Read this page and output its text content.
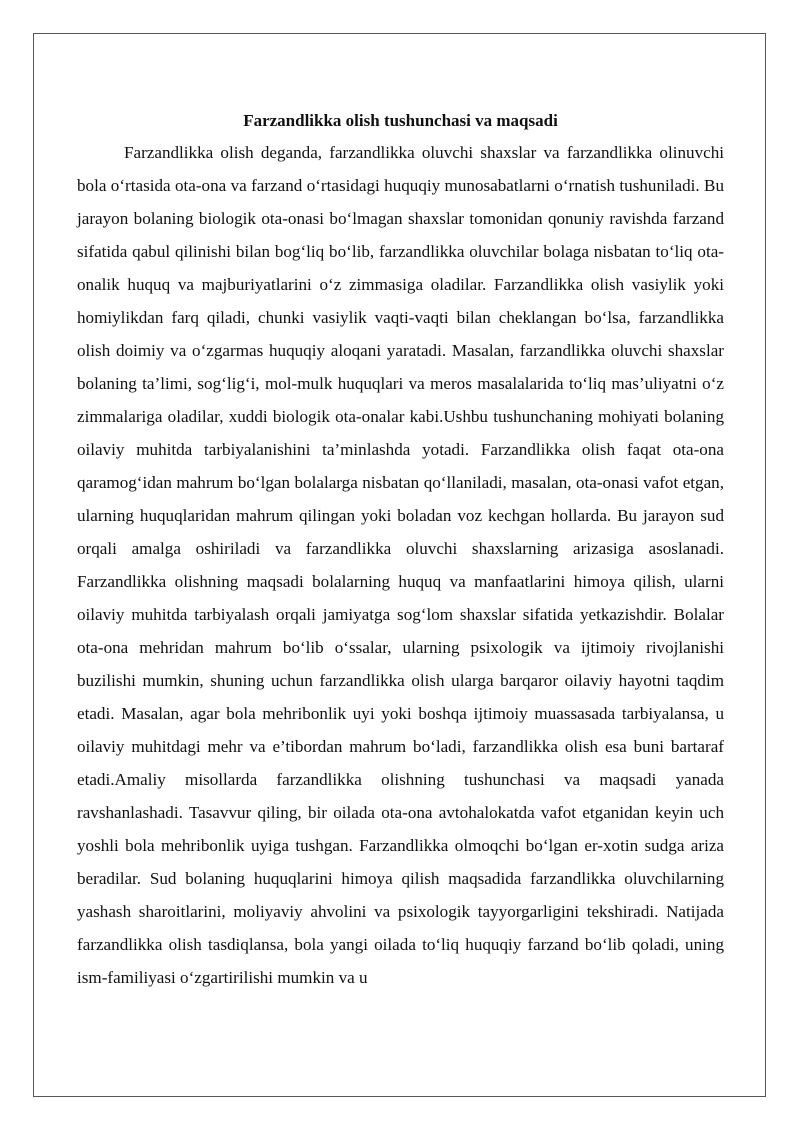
Farzandlikka olish tushunchasi va maqsadi

Farzandlikka olish deganda, farzandlikka oluvchi shaxslar va farzandlikka olinuvchi bola o‘rtasida ota-ona va farzand o‘rtasidagi huquqiy munosabatlarni o‘rnatish tushuniladi. Bu jarayon bolaning biologik ota-onasi bo‘lmagan shaxslar tomonidan qonuniy ravishda farzand sifatida qabul qilinishi bilan bog‘liq bo‘lib, farzandlikka oluvchilar bolaga nisbatan to‘liq ota-onalik huquq va majburiyatlarini o‘z zimmasiga oladilar. Farzandlikka olish vasiylik yoki homiylikdan farq qiladi, chunki vasiylik vaqti-vaqti bilan cheklangan bo‘lsa, farzandlikka olish doimiy va o‘zgarmas huquqiy aloqani yaratadi. Masalan, farzandlikka oluvchi shaxslar bolaning ta’limi, sog‘lig‘i, mol-mulk huquqlari va meros masalalarida to‘liq mas’uliyatni o‘z zimmalariga oladilar, xuddi biologik ota-onalar kabi.Ushbu tushunchaning mohiyati bolaning oilaviy muhitda tarbiyalanishini ta’minlashda yotadi. Farzandlikka olish faqat ota-ona qaramog‘idan mahrum bo‘lgan bolalarga nisbatan qo‘llaniladi, masalan, ota-onasi vafot etgan, ularning huquqlaridan mahrum qilingan yoki boladan voz kechgan hollarda. Bu jarayon sud orqali amalga oshiriladi va farzandlikka oluvchi shaxslarning arizasiga asoslanadi. Farzandlikka olishning maqsadi bolalarning huquq va manfaatlarini himoya qilish, ularni oilaviy muhitda tarbiyalash orqali jamiyatga sog‘lom shaxslar sifatida yetkazishdir. Bolalar ota-ona mehridan mahrum bo‘lib o‘ssalar, ularning psixologik va ijtimoiy rivojlanishi buzilishi mumkin, shuning uchun farzandlikka olish ularga barqaror oilaviy hayotni taqdim etadi. Masalan, agar bola mehribonlik uyi yoki boshqa ijtimoiy muassasada tarbiyalansa, u oilaviy muhitdagi mehr va e’tibordan mahrum bo‘ladi, farzandlikka olish esa buni bartaraf etadi.Amaliy misollarda farzandlikka olishning tushunchasi va maqsadi yanada ravshanlashadi. Tasavvur qiling, bir oilada ota-ona avtohalokatda vafot etganidan keyin uch yoshli bola mehribonlik uyiga tushgan. Farzandlikka olmoqchi bo‘lgan er-xotin sudga ariza beradilar. Sud bolaning huquqlarini himoya qilish maqsadida farzandlikka oluvchilarning yashash sharoitlarini, moliyaviy ahvolini va psixologik tayyorgarligini tekshiradi. Natijada farzandlikka olish tasdiqlansa, bola yangi oilada to‘liq huquqiy farzand bo‘lib qoladi, uning ism-familiyasi o‘zgartirilishi mumkin va u
